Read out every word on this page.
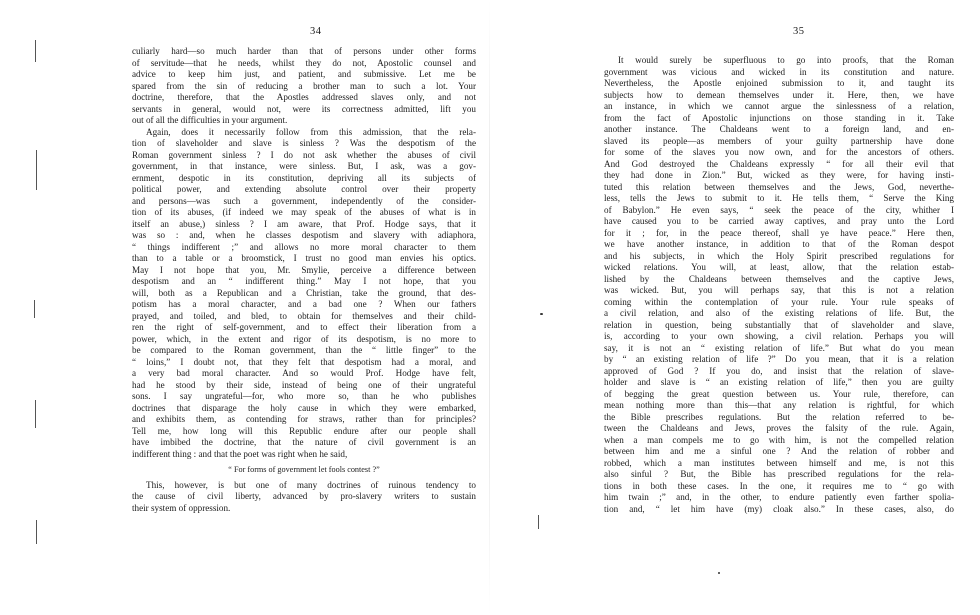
34
culiarly hard—so much harder than that of persons under other forms
of servitude—that he needs, whilst they do not, Apostolic counsel and
advice to keep him just, and patient, and submissive. Let me be
spared from the sin of reducing a brother man to such a lot. Your
doctrine, therefore, that the Apostles addressed slaves only, and not
servants in general, would not, were its correctness admitted, lift you
out of all the difficulties in your argument.
Again, does it necessarily follow from this admission, that the rela-
tion of slaveholder and slave is sinless ? Was the despotism of the
Roman government sinless ? I do not ask whether the abuses of civil
government, in that instance, were sinless. But, I ask, was a gov-
ernment, despotic in its constitution, depriving all its subjects of
political power, and extending absolute control over their property
and persons—was such a government, independently of the consider-
tion of its abuses, (if indeed we may speak of the abuses of what is in
itself an abuse,) sinless ? I am aware, that Prof. Hodge says, that it
was so : and, when he classes despotism and slavery with adiaphora,
“ things indifferent ;” and allows no more moral character to them
than to a table or a broomstick, I trust no good man envies his optics.
May I not hope that you, Mr. Smylie, perceive a difference between
despotism and an “ indifferent thing.” May I not hope, that you
will, both as a Republican and a Christian, take the ground, that des-
potism has a moral character, and a bad one ? When our fathers
prayed, and toiled, and bled, to obtain for themselves and their child-
ren the right of self-government, and to effect their liberation from a
power, which, in the extent and rigor of its despotism, is no more to
be compared to the Roman government, than the “ little finger” to the
“ loins,” I doubt not, that they felt that despotism had a moral, and
a very bad moral character. And so would Prof. Hodge have felt,
had he stood by their side, instead of being one of their ungrateful
sons. I say ungrateful—for, who more so, than he who publishes
doctrines that disparage the holy cause in which they were embarked,
and exhibits them, as contending for straws, rather than for principles?
Tell me, how long will this Republic endure after our people shall
have imbibed the doctrine, that the nature of civil government is an
indifferent thing : and that the poet was right when he said,
“ For forms of government let fools contest ?”
This, however, is but one of many doctrines of ruinous tendency to
the cause of civil liberty, advanced by pro-slavery writers to sustain
their system of oppression.
35
It would surely be superfluous to go into proofs, that the Roman
government was vicious and wicked in its constitution and nature.
Nevertheless, the Apostle enjoined submission to it, and taught its
subjects how to demean themselves under it. Here, then, we have
an instance, in which we cannot argue the sinlessness of a relation,
from the fact of Apostolic injunctions on those standing in it. Take
another instance. The Chaldeans went to a foreign land, and en-
slaved its people—as members of your guilty partnership have done
for some of the slaves you now own, and for the ancestors of others.
And God destroyed the Chaldeans expressly “ for all their evil that
they had done in Zion.” But, wicked as they were, for having insti-
tuted this relation between themselves and the Jews, God, neverthe-
less, tells the Jews to submit to it. He tells them, “ Serve the King
of Babylon.” He even says, “ seek the peace of the city, whither I
have caused you to be carried away captives, and pray unto the Lord
for it ; for, in the peace thereof, shall ye have peace.” Here then,
we have another instance, in addition to that of the Roman despot
and his subjects, in which the Holy Spirit prescribed regulations for
wicked relations. You will, at least, allow, that the relation estab-
lished by the Chaldeans between themselves and the captive Jews,
was wicked. But, you will perhaps say, that this is not a relation
coming within the contemplation of your rule. Your rule speaks of
a civil relation, and also of the existing relations of life. But, the
relation in question, being substantially that of slaveholder and slave,
is, according to your own showing, a civil relation. Perhaps you will
say, it is not an “ existing relation of life.” But what do you mean
by “ an existing relation of life ?” Do you mean, that it is a relation
approved of God ? If you do, and insist that the relation of slave-
holder and slave is “ an existing relation of life,” then you are guilty
of begging the great question between us. Your rule, therefore, can
mean nothing more than this—that any relation is rightful, for which
the Bible prescribes regulations. But the relation referred to be-
tween the Chaldeans and Jews, proves the falsity of the rule. Again,
when a man compels me to go with him, is not the compelled relation
between him and me a sinful one ? And the relation of robber and
robbed, which a man institutes between himself and me, is not this
also sinful ? But, the Bible has prescribed regulations for the rela-
tions in both these cases. In the one, it requires me to “ go with
him twain ;” and, in the other, to endure patiently even farther spolia-
tion and, “ let him have (my) cloak also.” In these cases, also, do
